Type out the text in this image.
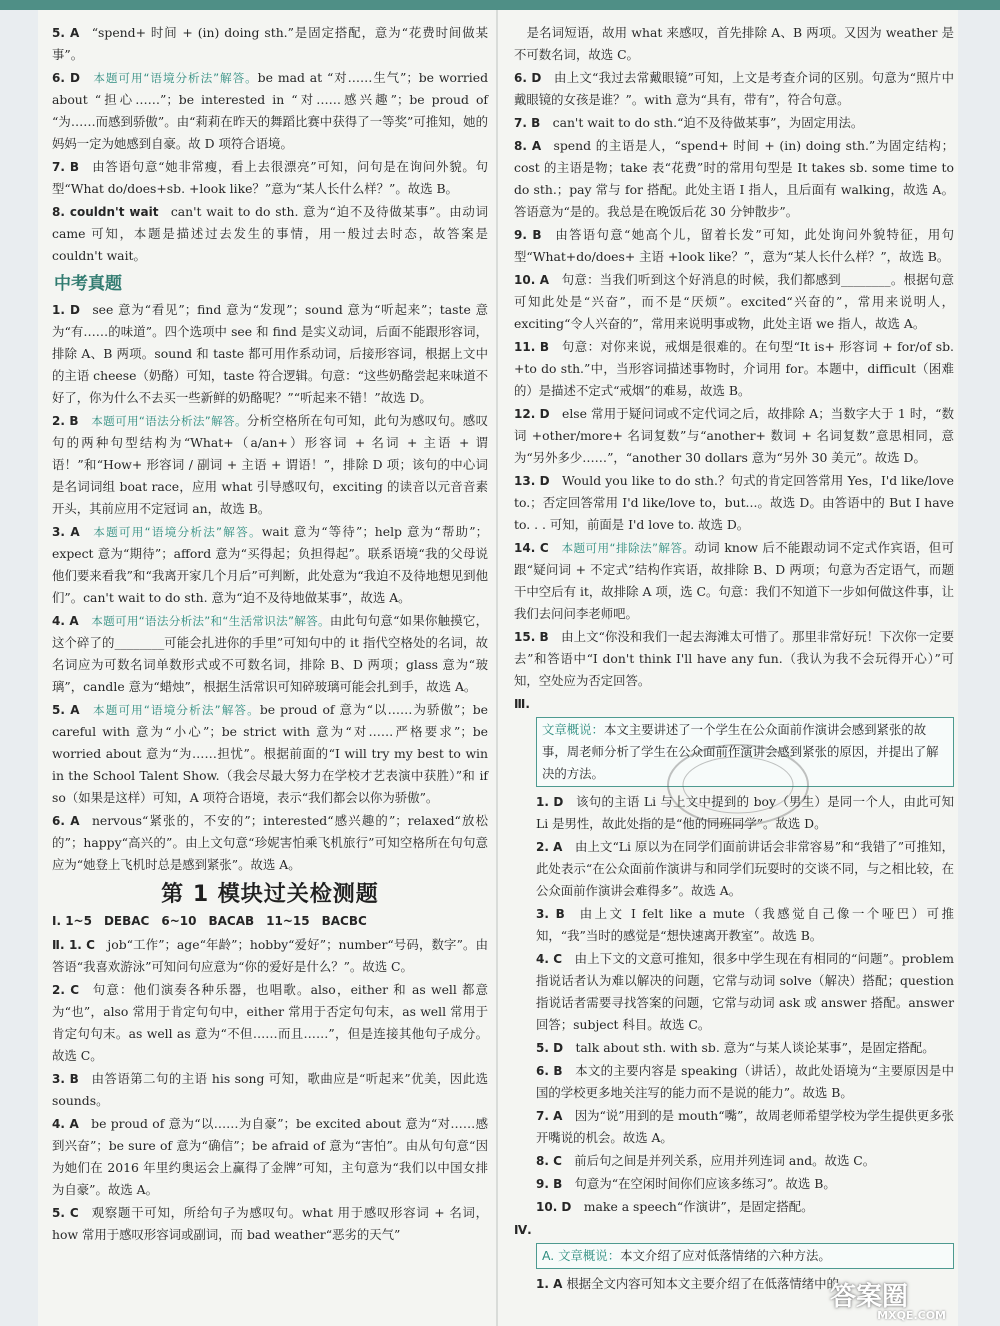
5. A  “spend+ 时间 + (in) doing sth.”是固定搭配，意为“花费时间做某事”。
6. D  本题可用“语境分析法”解答。be mad at “对……生气”；be worried about “担心……”；be interested in “对……感兴趣”；be proud of “为……而感到骄傲”。由“莉莉在昨天的舞蹈比赛中获得了一等奖”可推知，她的妈妈一定为她感到自豪。故 D 项符合语境。
7. B  由答语句意“她非常瘦，看上去很漂亮”可知，问句是在询问外貌。句型“What do/does+sb. +look like？”意为“某人长什么样？”。故选 B。
8. couldn't wait  can't wait to do sth. 意为“迫不及待做某事”。由动词 came 可知，本题是描述过去发生的事情，用一般过去时态，故答案是 couldn't wait。
中考真题
1. D  see 意为“看见”；find 意为“发现”；sound 意为“听起来”；taste 意为“有……的味道”。四个选项中 see 和 find 是实义动词，后面不能跟形容词，排除 A、B 两项。sound 和 taste 都可用作系动词，后接形容词，根据上文中的主语 cheese（奶酪）可知，taste 符合逻辑。句意：“这些奶酪尝起来味道不好了，你为什么不去买一些新鲜的奶酪呢？”“听起来不错！”故选 D。
2. B  本题可用“语法分析法”解答。分析空格所在句可知，此句为感叹句。感叹句的两种句型结构为“What+（a/an+）形容词 + 名词 + 主语 + 谓语！”和“How+ 形容词 / 副词 + 主语 + 谓语！”，排除 D 项；该句的中心词是名词词组 boat race，应用 what 引导感叹句，exciting 的读音以元音音素开头，其前应用不定冠词 an，故选 B。
3. A  本题可用“语境分析法”解答。wait 意为“等待”；help 意为“帮助”；expect 意为“期待”；afford 意为“买得起；负担得起”。联系语境“我的父母说他们要来看我”和“我离开家几个月后”可判断，此处意为“我迫不及待地想见到他们”。can't wait to do sth. 意为“迫不及待地做某事”，故选 A。
4. A  本题可用“语法分析法”和“生活常识法”解答。由此句句意“如果你触摸它，这个碎了的________可能会扎进你的手里”可知句中的 it 指代空格处的名词，故名词应为可数名词单数形式或不可数名词，排除 B、D 两项；glass 意为“玻璃”，candle 意为“蜡烛”，根据生活常识可知碎玻璃可能会扎到手，故选 A。
5. A  本题可用“语境分析法”解答。be proud of 意为“以……为骄傲”；be careful with 意为“小心”；be strict with 意为“对……严格要求”；be worried about 意为“为……担忧”。根据前面的“I will try my best to win in the School Talent Show.（我会尽最大努力在学校才艺表演中获胜）”和 if so（如果是这样）可知，A 项符合语境，表示“我们都会以你为骄傲”。
6. A  nervous“紧张的，不安的”；interested“感兴趣的”；relaxed“放松的”；happy“高兴的”。由上文句意“珍妮害怕乘飞机旅行”可知空格所在句句意应为“她登上飞机时总是感到紧张”。故选 A。
第 1 模块过关检测题
Ⅰ. 1~5　DEBAC　6~10　BACAB　11~15　BACBC
Ⅱ. 1. C  job“工作”；age“年龄”；hobby“爱好”；number“号码，数字”。由答语“我喜欢游泳”可知问句应意为“你的爱好是什么？”。故选 C。
2. C  句意：他们演奏各种乐器，也唱歌。also，either 和 as well 都意为“也”，also 常用于肯定句句中，either 常用于否定句句末，as well 常用于肯定句句末。as well as 意为“不但……而且……”，但是连接其他句子成分。故选 C。
3. B  由答语第二句的主语 his song 可知，歌曲应是“听起来”优美，因此选 sounds。
4. A  be proud of 意为“以……为自豪”；be excited about 意为“对……感到兴奋”；be sure of 意为“确信”；be afraid of 意为“害怕”。由从句句意“因为她们在 2016 年里约奥运会上赢得了金牌”可知，主句意为“我们以中国女排为自豪”。故选 A。
5. C  观察题干可知，所给句子为感叹句。what 用于感叹形容词 + 名词，how 常用于感叹形容词或副词，而 bad weather“恶劣的天气”
 是名词短语，故用 what 来感叹，首先排除 A、B 两项。又因为 weather 是不可数名词，故选 C。
6. D  由上文“我过去常戴眼镜”可知，上文是考查介词的区别。句意为“照片中戴眼镜的女孩是谁？”。with 意为“具有，带有”，符合句意。
7. B  can't wait to do sth.“迫不及待做某事”，为固定用法。
8. A  spend 的主语是人，“spend+ 时间 + (in) doing sth.”为固定结构；cost 的主语是物；take 表“花费”时的常用句型是 It takes sb. some time to do sth.；pay 常与 for 搭配。此处主语 I 指人，且后面有 walking，故选 A。答语意为“是的。我总是在晚饭后花 30 分钟散步”。
9. B  由答语句意“她高个儿，留着长发”可知，此处询问外貌特征，用句型“What+do/does+ 主语 +look like？”，意为“某人长什么样？”，故选 B。
10. A  句意：当我们听到这个好消息的时候，我们都感到________。根据句意可知此处是“兴奋”，而不是“厌烦”。excited“兴奋的”，常用来说明人，exciting“令人兴奋的”，常用来说明事或物，此处主语 we 指人，故选 A。
11. B  句意：对你来说，戒烟是很难的。在句型“It is+ 形容词 + for/of sb. +to do sth.”中，当形容词描述事物时，介词用 for。本题中，difficult（困难的）是描述不定式“戒烟”的难易，故选 B。
12. D  else 常用于疑问词或不定代词之后，故排除 A；当数字大于 1 时，“数词 +other/more+ 名词复数”与“another+ 数词 + 名词复数”意思相同，意为“另外多少……”，“another 30 dollars 意为“另外 30 美元”。故选 D。
13. D  Would you like to do sth.？句式的肯定回答常用 Yes，I'd like/love to.；否定回答常用 I'd like/love to，but...。故选 D。由答语中的 But I have to. . . 可知，前面是 I'd love to. 故选 D。
14. C  本题可用“排除法”解答。动词 know 后不能跟动词不定式作宾语，但可跟“疑问词 + 不定式”结构作宾语，故排除 B、D 两项；句意为否定语气，而题干中空后有 it，故排除 A 项，选 C。句意：我们不知道下一步如何做这件事，让我们去问问李老师吧。
15. B  由上文“你没和我们一起去海滩太可惜了。那里非常好玩！下次你一定要去”和答语中“I don't think I'll have any fun.（我认为我不会玩得开心）”可知，空处应为否定回答。
Ⅲ.
文章概说：本文主要讲述了一个学生在公众面前作演讲会感到紧张的故事，周老师分析了学生在公众面前作演讲会感到紧张的原因，并提出了解决的方法。
1. D  该句的主语 Li 与上文中提到的 boy（男生）是同一个人，由此可知 Li 是男性，故此处指的是“他的同班同学”。故选 D。
2. A  由上文“Li 原以为在同学们面前讲话会非常容易”和“我错了”可推知，此处表示“在公众面前作演讲与和同学们玩耍时的交谈不同，与之相比较，在公众面前作演讲会难得多”。故选 A。
3. B  由上文 I felt like a mute（我感觉自己像一个哑巴）可推知，“我”当时的感觉是“想快速离开教室”。故选 B。
4. C  由上下文的文意可推知，很多中学生现在有相同的“问题”。problem 指说话者认为难以解决的问题，它常与动词 solve（解决）搭配；question 指说话者需要寻找答案的问题，它常与动词 ask 或 answer 搭配。answer 回答；subject 科目。故选 C。
5. D  talk about sth. with sb. 意为“与某人谈论某事”，是固定搭配。
6. B  本文的主要内容是 speaking（讲话），故此处语境为“主要原因是中国的学校更多地关注写的能力而不是说的能力”。故选 B。
7. A  因为“说”用到的是 mouth“嘴”，故周老师希望学校为学生提供更多张开嘴说的机会。故选 A。
8. C  前后句之间是并列关系，应用并列连词 and。故选 C。
9. B  句意为“在空闲时间你们应该多练习”。故选 B。
10. D  make a speech“作演讲”，是固定搭配。
Ⅳ.
A. 文章概说：本文介绍了应对低落情绪的六种方法。
1. A 根据全文内容可知本文主要介绍了在低落情绪中的
答案圈
MXQE.COM
